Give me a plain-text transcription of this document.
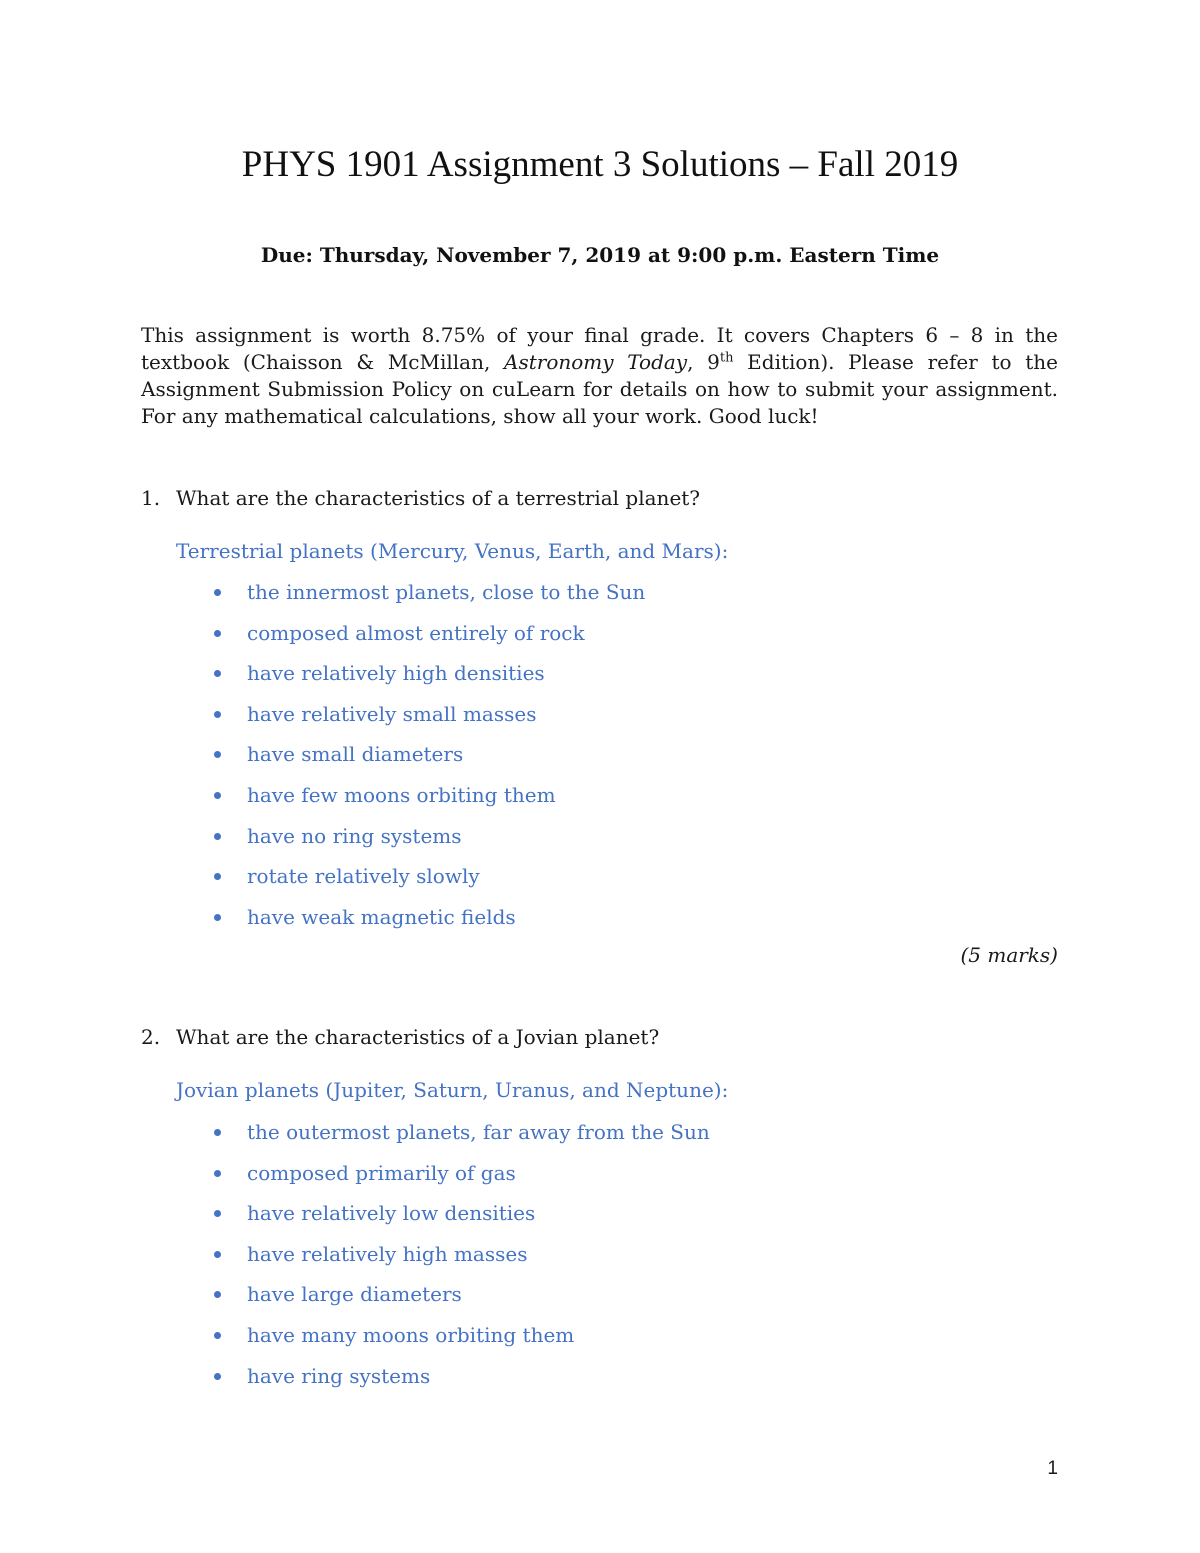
PHYS 1901 Assignment 3 Solutions – Fall 2019
Due: Thursday, November 7, 2019 at 9:00 p.m. Eastern Time
This assignment is worth 8.75% of your final grade. It covers Chapters 6 – 8 in the textbook (Chaisson & McMillan, Astronomy Today, 9th Edition). Please refer to the Assignment Submission Policy on cuLearn for details on how to submit your assignment. For any mathematical calculations, show all your work. Good luck!
1. What are the characteristics of a terrestrial planet?
Terrestrial planets (Mercury, Venus, Earth, and Mars):
the innermost planets, close to the Sun
composed almost entirely of rock
have relatively high densities
have relatively small masses
have small diameters
have few moons orbiting them
have no ring systems
rotate relatively slowly
have weak magnetic fields
(5 marks)
2. What are the characteristics of a Jovian planet?
Jovian planets (Jupiter, Saturn, Uranus, and Neptune):
the outermost planets, far away from the Sun
composed primarily of gas
have relatively low densities
have relatively high masses
have large diameters
have many moons orbiting them
have ring systems
1
